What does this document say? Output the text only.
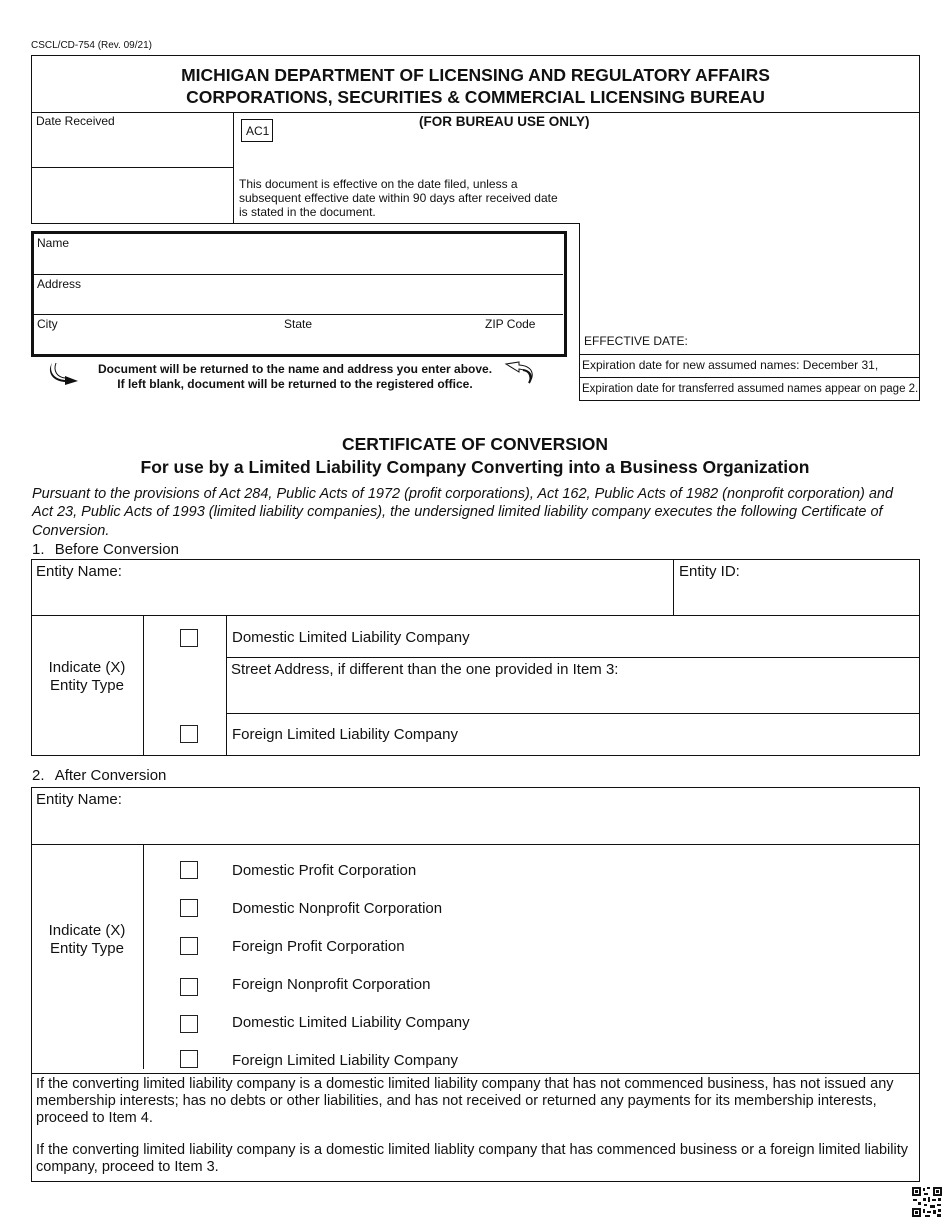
CSCL/CD-754 (Rev. 09/21)
MICHIGAN DEPARTMENT OF LICENSING AND REGULATORY AFFAIRS
CORPORATIONS, SECURITIES & COMMERCIAL LICENSING BUREAU
Date Received
AC1
(FOR BUREAU USE ONLY)
This document is effective on the date filed, unless a subsequent effective date within 90 days after received date is stated in the document.
EFFECTIVE DATE:
Expiration date for new assumed names: December 31,
Expiration date for transferred assumed names appear on page 2.
Name
Address
City	State	ZIP Code
Document will be returned to the name and address you enter above.
If left blank, document will be returned to the registered office.
CERTIFICATE OF CONVERSION
For use by a Limited Liability Company Converting into a Business Organization
Pursuant to the provisions of Act 284, Public Acts of 1972 (profit corporations), Act 162, Public Acts of 1982 (nonprofit corporation) and Act 23, Public Acts of 1993 (limited liability companies), the undersigned limited liability company executes the following Certificate of Conversion.
1. Before Conversion
Entity Name:	Entity ID:
Indicate (X)
Entity Type
Domestic Limited Liability Company
Street Address, if different than the one provided in Item 3:
Foreign Limited Liability Company
2. After Conversion
Entity Name:
Indicate (X)
Entity Type
Domestic Profit Corporation
Domestic Nonprofit Corporation
Foreign Profit Corporation
Foreign Nonprofit Corporation
Domestic Limited Liability Company
Foreign Limited Liability Company
If the converting limited liability company is a domestic limited liability company that has not commenced business, has not issued any membership interests; has no debts or other liabilities, and has not received or returned any payments for its membership interests, proceed to Item 4.
If the converting limited liability company is a domestic limited liablity company that has commenced business or a foreign limited liability company, proceed to Item 3.
